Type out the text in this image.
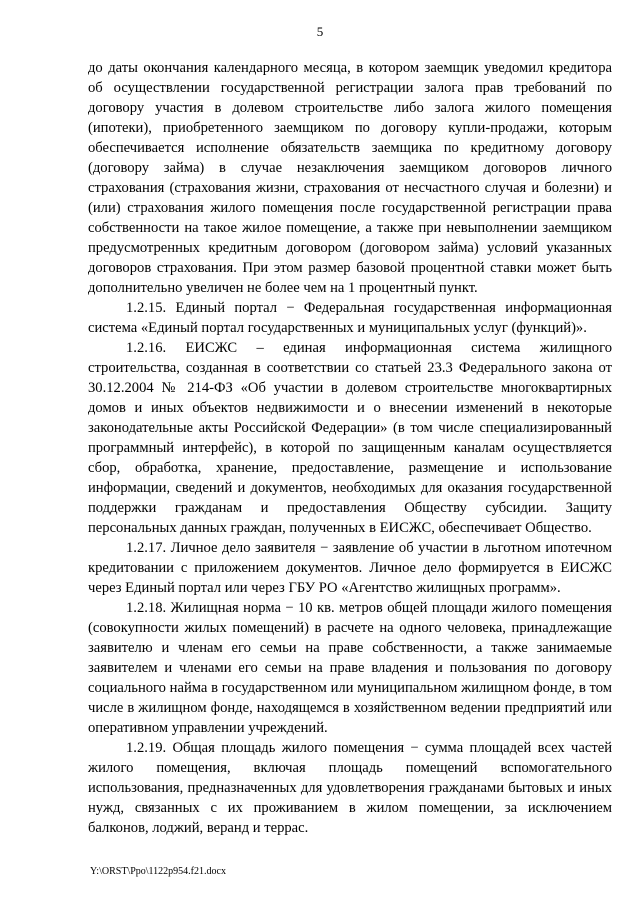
5

до даты окончания календарного месяца, в котором заемщик уведомил кредитора об осуществлении государственной регистрации залога прав требований по договору участия в долевом строительстве либо залога жилого помещения (ипотеки), приобретенного заемщиком по договору купли-продажи, которым обеспечивается исполнение обязательств заемщика по кредитному договору (договору займа) в случае незаключения заемщиком договоров личного страхования (страхования жизни, страхования от несчастного случая и болезни) и (или) страхования жилого помещения после государственной регистрации права собственности на такое жилое помещение, а также при невыполнении заемщиком предусмотренных кредитным договором (договором займа) условий указанных договоров страхования. При этом размер базовой процентной ставки может быть дополнительно увеличен не более чем на 1 процентный пункт.

1.2.15. Единый портал − Федеральная государственная информационная система «Единый портал государственных и муниципальных услуг (функций)».

1.2.16. ЕИСЖС – единая информационная система жилищного строительства, созданная в соответствии со статьей 23.3 Федерального закона от 30.12.2004 № 214-ФЗ «Об участии в долевом строительстве многоквартирных домов и иных объектов недвижимости и о внесении изменений в некоторые законодательные акты Российской Федерации» (в том числе специализированный программный интерфейс), в которой по защищенным каналам осуществляется сбор, обработка, хранение, предоставление, размещение и использование информации, сведений и документов, необходимых для оказания государственной поддержки гражданам и предоставления Обществу субсидии. Защиту персональных данных граждан, полученных в ЕИСЖС, обеспечивает Общество.

1.2.17. Личное дело заявителя − заявление об участии в льготном ипотечном кредитовании с приложением документов. Личное дело формируется в ЕИСЖС через Единый портал или через ГБУ РО «Агентство жилищных программ».

1.2.18. Жилищная норма − 10 кв. метров общей площади жилого помещения (совокупности жилых помещений) в расчете на одного человека, принадлежащие заявителю и членам его семьи на праве собственности, а также занимаемые заявителем и членами его семьи на праве владения и пользования по договору социального найма в государственном или муниципальном жилищном фонде, в том числе в жилищном фонде, находящемся в хозяйственном ведении предприятий или оперативном управлении учреждений.

1.2.19. Общая площадь жилого помещения − сумма площадей всех частей жилого помещения, включая площадь помещений вспомогательного использования, предназначенных для удовлетворения гражданами бытовых и иных нужд, связанных с их проживанием в жилом помещении, за исключением балконов, лоджий, веранд и террас.

Y:\ORST\Ppo\1122p954.f21.docx
